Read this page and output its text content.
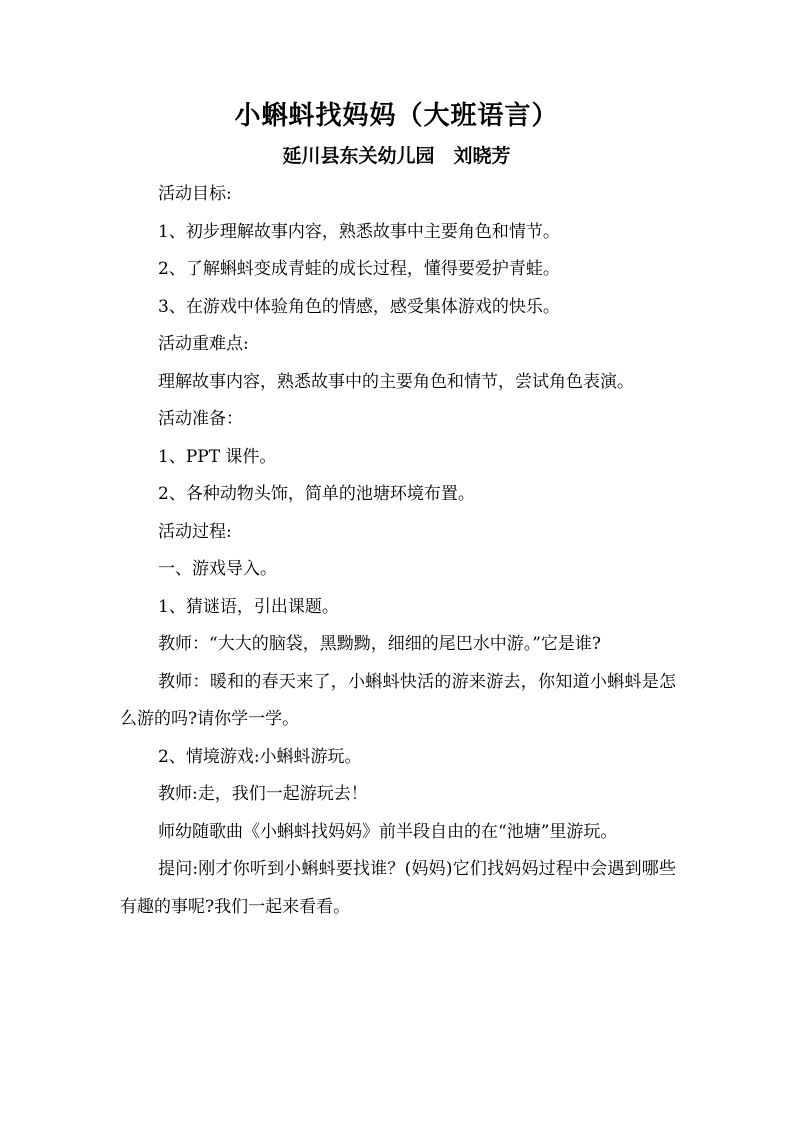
小蝌蚪找妈妈（大班语言）
延川县东关幼儿园　刘晓芳

活动目标:

1、初步理解故事内容，熟悉故事中主要角色和情节。

2、了解蝌蚪变成青蛙的成长过程，懂得要爱护青蛙。

3、在游戏中体验角色的情感，感受集体游戏的快乐。

活动重难点:

理解故事内容，熟悉故事中的主要角色和情节，尝试角色表演。

活动准备：

1、PPT 课件。

2、各种动物头饰，简单的池塘环境布置。

活动过程:

一、游戏导入。

1、猜谜语，引出课题。

教师：“大大的脑袋，黑黝黝，细细的尾巴水中游。”它是谁?

教师：暖和的春天来了，小蝌蚪快活的游来游去，你知道小蝌蚪是怎么游的吗?请你学一学。

2、情境游戏:小蝌蚪游玩。

教师:走，我们一起游玩去！

师幼随歌曲《小蝌蚪找妈妈》前半段自由的在“池塘”里游玩。

提问:刚才你听到小蝌蚪要找谁？(妈妈)它们找妈妈过程中会遇到哪些有趣的事呢?我们一起来看看。
